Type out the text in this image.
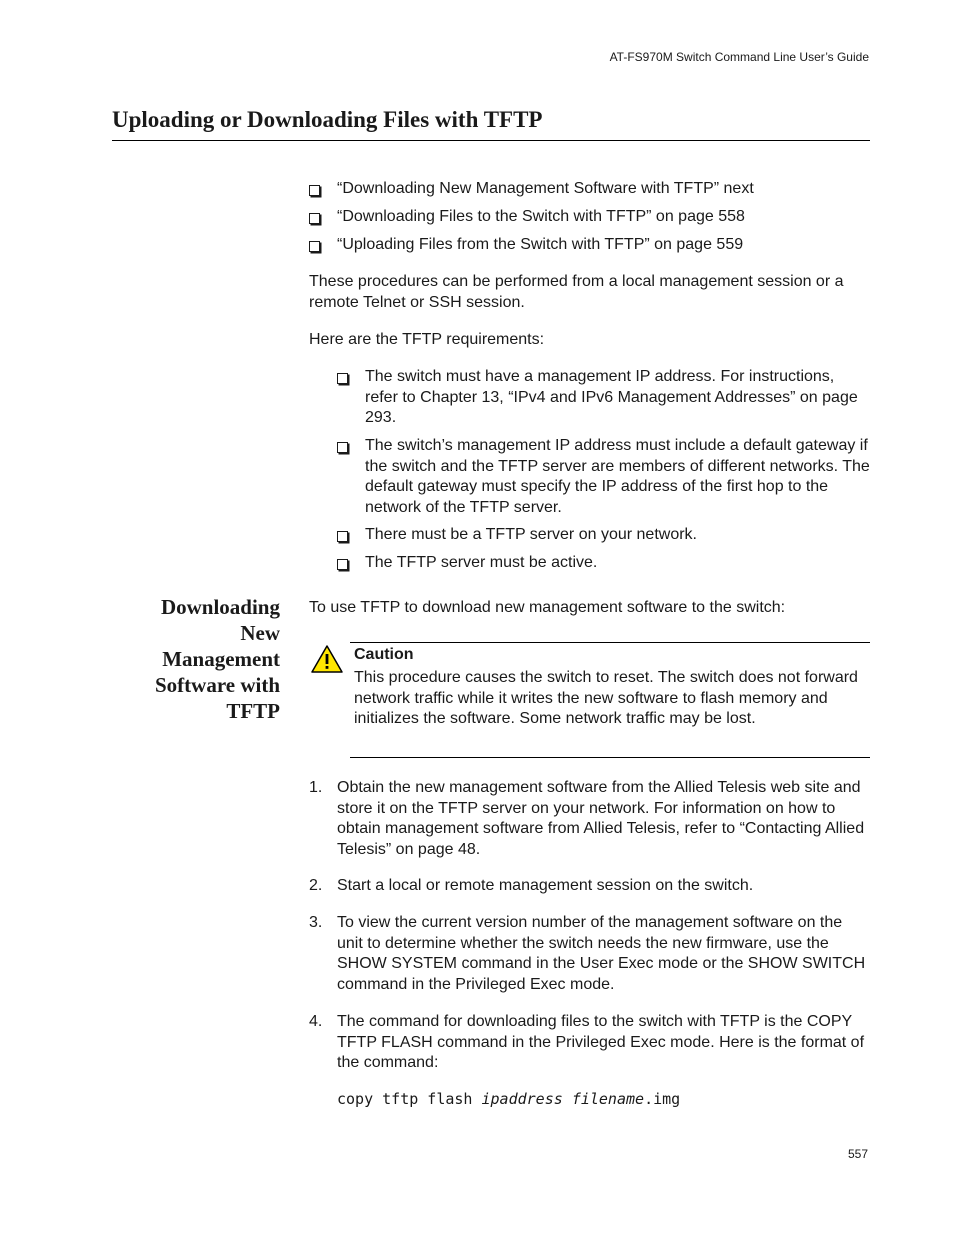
AT-FS970M Switch Command Line User’s Guide
Uploading or Downloading Files with TFTP
“Downloading New Management Software with TFTP” next
“Downloading Files to the Switch with TFTP” on page 558
“Uploading Files from the Switch with TFTP” on page 559
These procedures can be performed from a local management session or a remote Telnet or SSH session.
Here are the TFTP requirements:
The switch must have a management IP address. For instructions, refer to Chapter 13, “IPv4 and IPv6 Management Addresses” on page 293.
The switch’s management IP address must include a default gateway if the switch and the TFTP server are members of different networks. The default gateway must specify the IP address of the first hop to the network of the TFTP server.
There must be a TFTP server on your network.
The TFTP server must be active.
Downloading New Management Software with TFTP
To use TFTP to download new management software to the switch:
Caution
This procedure causes the switch to reset. The switch does not forward network traffic while it writes the new software to flash memory and initializes the software. Some network traffic may be lost.
1. Obtain the new management software from the Allied Telesis web site and store it on the TFTP server on your network. For information on how to obtain management software from Allied Telesis, refer to “Contacting Allied Telesis” on page 48.
2. Start a local or remote management session on the switch.
3. To view the current version number of the management software on the unit to determine whether the switch needs the new firmware, use the SHOW SYSTEM command in the User Exec mode or the SHOW SWITCH command in the Privileged Exec mode.
4. The command for downloading files to the switch with TFTP is the COPY TFTP FLASH command in the Privileged Exec mode. Here is the format of the command:
copy tftp flash ipaddress filename.img
557
